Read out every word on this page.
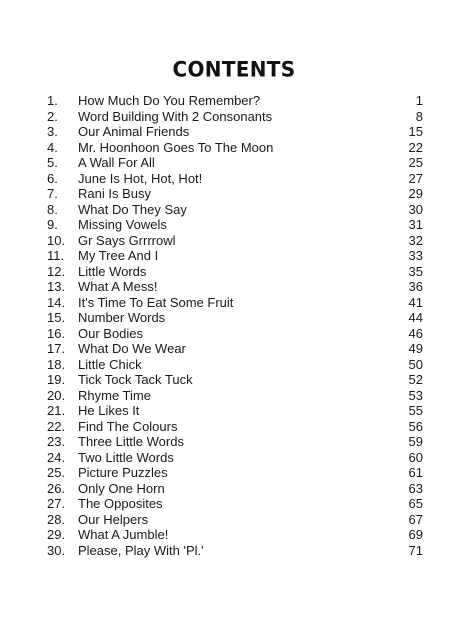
CONTENTS
1. How Much Do You Remember?	1
2. Word Building With 2 Consonants	8
3. Our Animal Friends	15
4. Mr. Hoonhoon Goes To The Moon	22
5. A Wall For All	25
6. June Is Hot, Hot, Hot!	27
7. Rani Is Busy	29
8. What Do They Say	30
9. Missing Vowels	31
10. Gr Says Grrrrowl	32
11. My Tree And I	33
12. Little Words	35
13. What A Mess!	36
14. It's Time To Eat Some Fruit	41
15. Number Words	44
16. Our Bodies	46
17. What Do We Wear	49
18. Little Chick	50
19. Tick Tock Tack Tuck	52
20. Rhyme Time	53
21. He Likes It	55
22. Find The Colours	56
23. Three Little Words	59
24. Two Little Words	60
25. Picture Puzzles	61
26. Only One Horn	63
27. The Opposites	65
28. Our Helpers	67
29. What A Jumble!	69
30. Please, Play With 'Pl.'	71
